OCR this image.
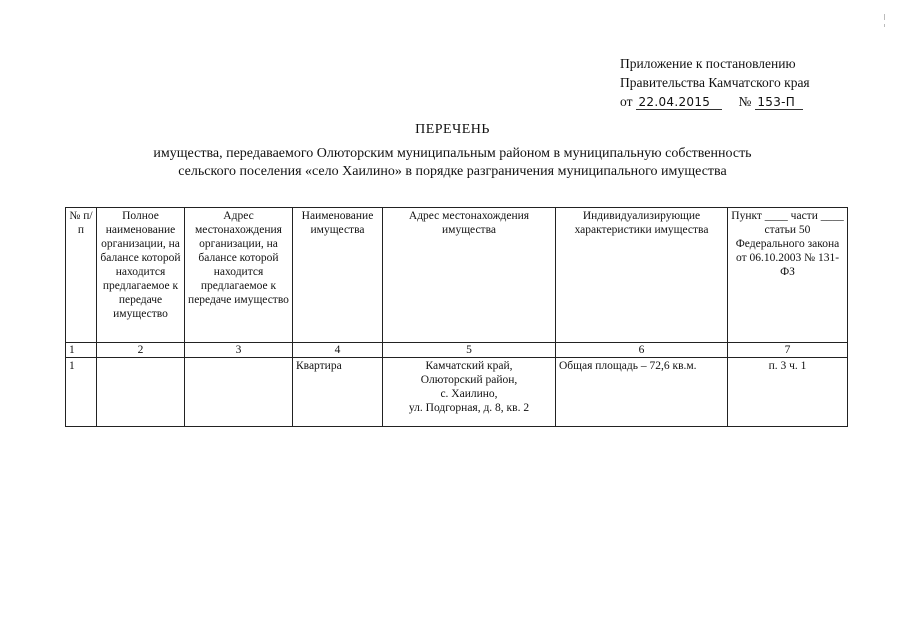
Приложение к постановлению
Правительства Камчатского края
от 22.04.2015 № 153-П
ПЕРЕЧЕНЬ
имущества, передаваемого Олюторским муниципальным районом в муниципальную собственность
сельского поселения «село Хаилино» в порядке разграничения муниципального имущества
№ п/п	Полное наименование организации, на балансе которой находится предлагаемое к передаче имущество	Адрес местонахождения организации, на балансе которой находится предлагаемое к передаче имущество	Наименование имущества	Адрес местонахождения имущества	Индивидуализирующие характеристики имущества	Пункт ____ части ____ статьи 50 Федерального закона от 06.10.2003 № 131-ФЗ
1	2	3	4	5	6	7
1			Квартира	Камчатский край,
Олюторский район,
с. Хаилино,
ул. Подгорная, д. 8, кв. 2	Общая площадь – 72,6 кв.м.	п. 3 ч. 1
